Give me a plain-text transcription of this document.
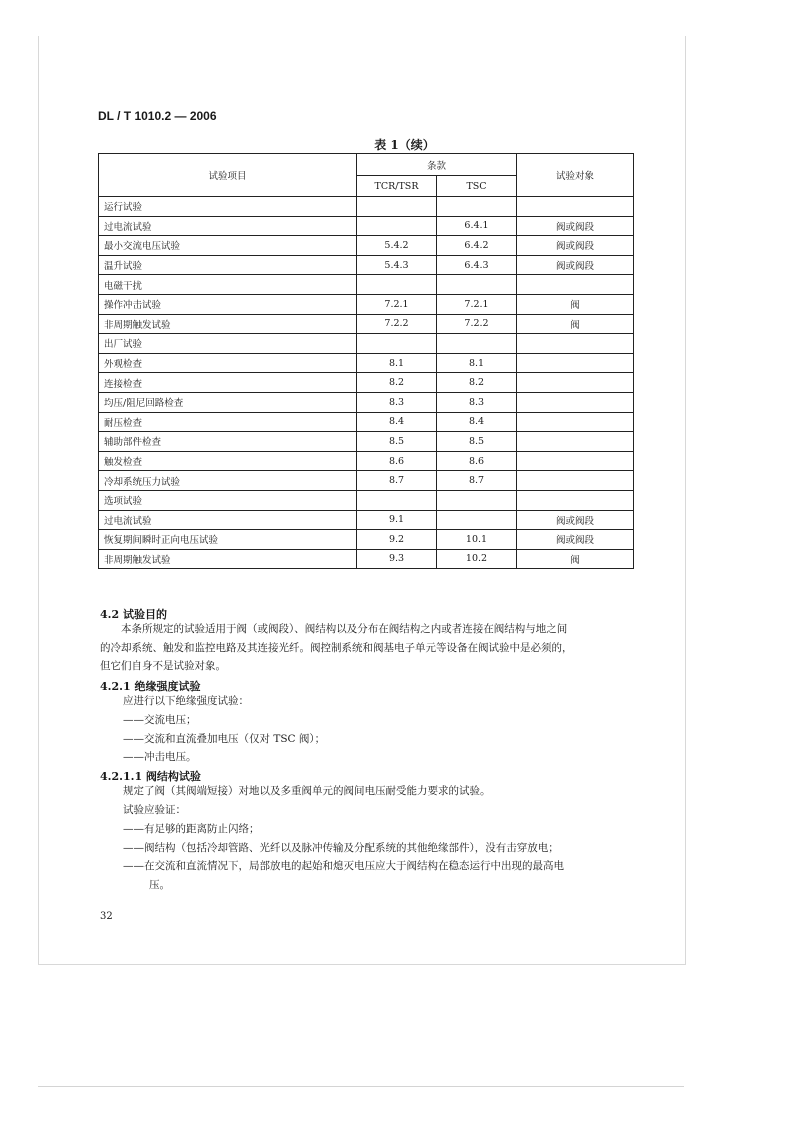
DL / T 1010.2 — 2006
表 1（续）
试验项目	条款		试验对象
	TCR/TSR	TSC	
运行试验			
过电流试验		6.4.1	阀或阀段
最小交流电压试验	5.4.2	6.4.2	阀或阀段
温升试验	5.4.3	6.4.3	阀或阀段
电磁干扰			
操作冲击试验	7.2.1	7.2.1	阀
非周期触发试验	7.2.2	7.2.2	阀
出厂试验			
外观检查	8.1	8.1	
连接检查	8.2	8.2	
均压/阻尼回路检查	8.3	8.3	
耐压检查	8.4	8.4	
辅助部件检查	8.5	8.5	
触发检查	8.6	8.6	
冷却系统压力试验	8.7	8.7	
选项试验			
过电流试验	9.1		阀或阀段
恢复期间瞬时正向电压试验	9.2	10.1	阀或阀段
非周期触发试验	9.3	10.2	阀
4.2 试验目的
本条所规定的试验适用于阀（或阀段）、阀结构以及分布在阀结构之内或者连接在阀结构与地之间
的冷却系统、触发和监控电路及其连接光纤。阀控制系统和阀基电子单元等设备在阀试验中是必须的，
但它们自身不是试验对象。
4.2.1 绝缘强度试验
应进行以下绝缘强度试验：
——交流电压；
——交流和直流叠加电压（仅对 TSC 阀）；
——冲击电压。
4.2.1.1 阀结构试验
规定了阀（其阀端短接）对地以及多重阀单元的阀间电压耐受能力要求的试验。
试验应验证：
——有足够的距离防止闪络；
——阀结构（包括冷却管路、光纤以及脉冲传输及分配系统的其他绝缘部件），没有击穿放电；
——在交流和直流情况下，局部放电的起始和熄灭电压应大于阀结构在稳态运行中出现的最高电
压。
32
